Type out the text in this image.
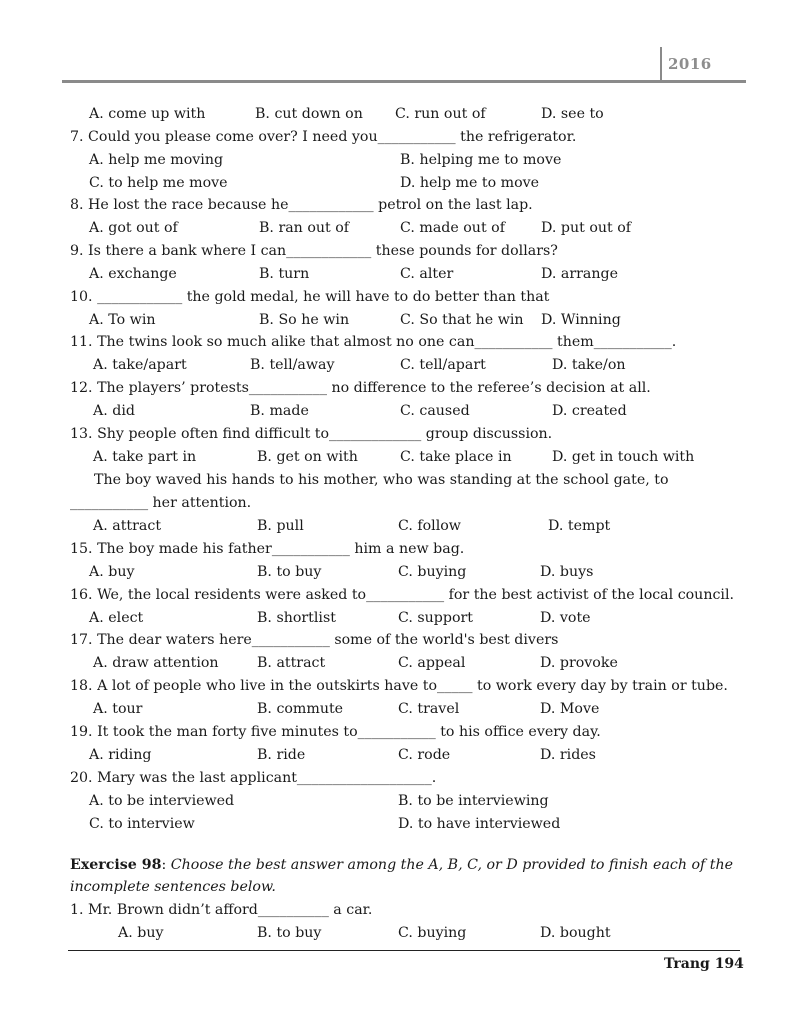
2016
A. come up with	B. cut down on C. run out of	D. see to
7. Could you please come over? I need you___________ the refrigerator.
A. help me moving	B. helping me to move
C. to help me move	D. help me to move
8. He lost the race because he____________ petrol on the last lap.
A. got out of	B. ran out of	C. made out of	D. put out of
9. Is there a bank where I can____________ these pounds for dollars?
A. exchange	B. turn	C. alter	D. arrange
10. ____________ the gold medal, he will have to do better than that
A. To win	B. So he win	C. So that he win D. Winning
11. The twins look so much alike that almost no one can___________ them___________.
A. take/apart	B. tell/away	C. tell/apart	D. take/on
12. The players’ protests___________ no difference to the referee’s decision at all.
A. did	B. made	C. caused	D. created
13. Shy people often find difficult to_____________ group discussion.
A. take part in	B. get on with	C. take place in	D. get in touch with
The boy waved his hands to his mother, who was standing at the school gate, to
___________ her attention.
A. attract	B. pull	C. follow	D. tempt
15. The boy made his father___________ him a new bag.
A. buy	B. to buy	C. buying	D. buys
16. We, the local residents were asked to___________ for the best activist of the local council.
A. elect	B. shortlist	C. support	D. vote
17. The dear waters here___________ some of the world's best divers
A. draw attention	B. attract	C. appeal	D. provoke
18. A lot of people who live in the outskirts have to_____ to work every day by train or tube.
A. tour	B. commute	C. travel	D. Move
19. It took the man forty five minutes to___________ to his office every day.
A. riding	B. ride	C. rode	D. rides
20. Mary was the last applicant___________________.
A. to be interviewed	B. to be interviewing
C. to interview	D. to have interviewed
Exercise 98: Choose the best answer among the A, B, C, or D provided to finish each of the
incomplete sentences below.
1. Mr. Brown didn’t afford__________ a car.
A. buy	B. to buy	C. buying	D. bought
Trang 194
